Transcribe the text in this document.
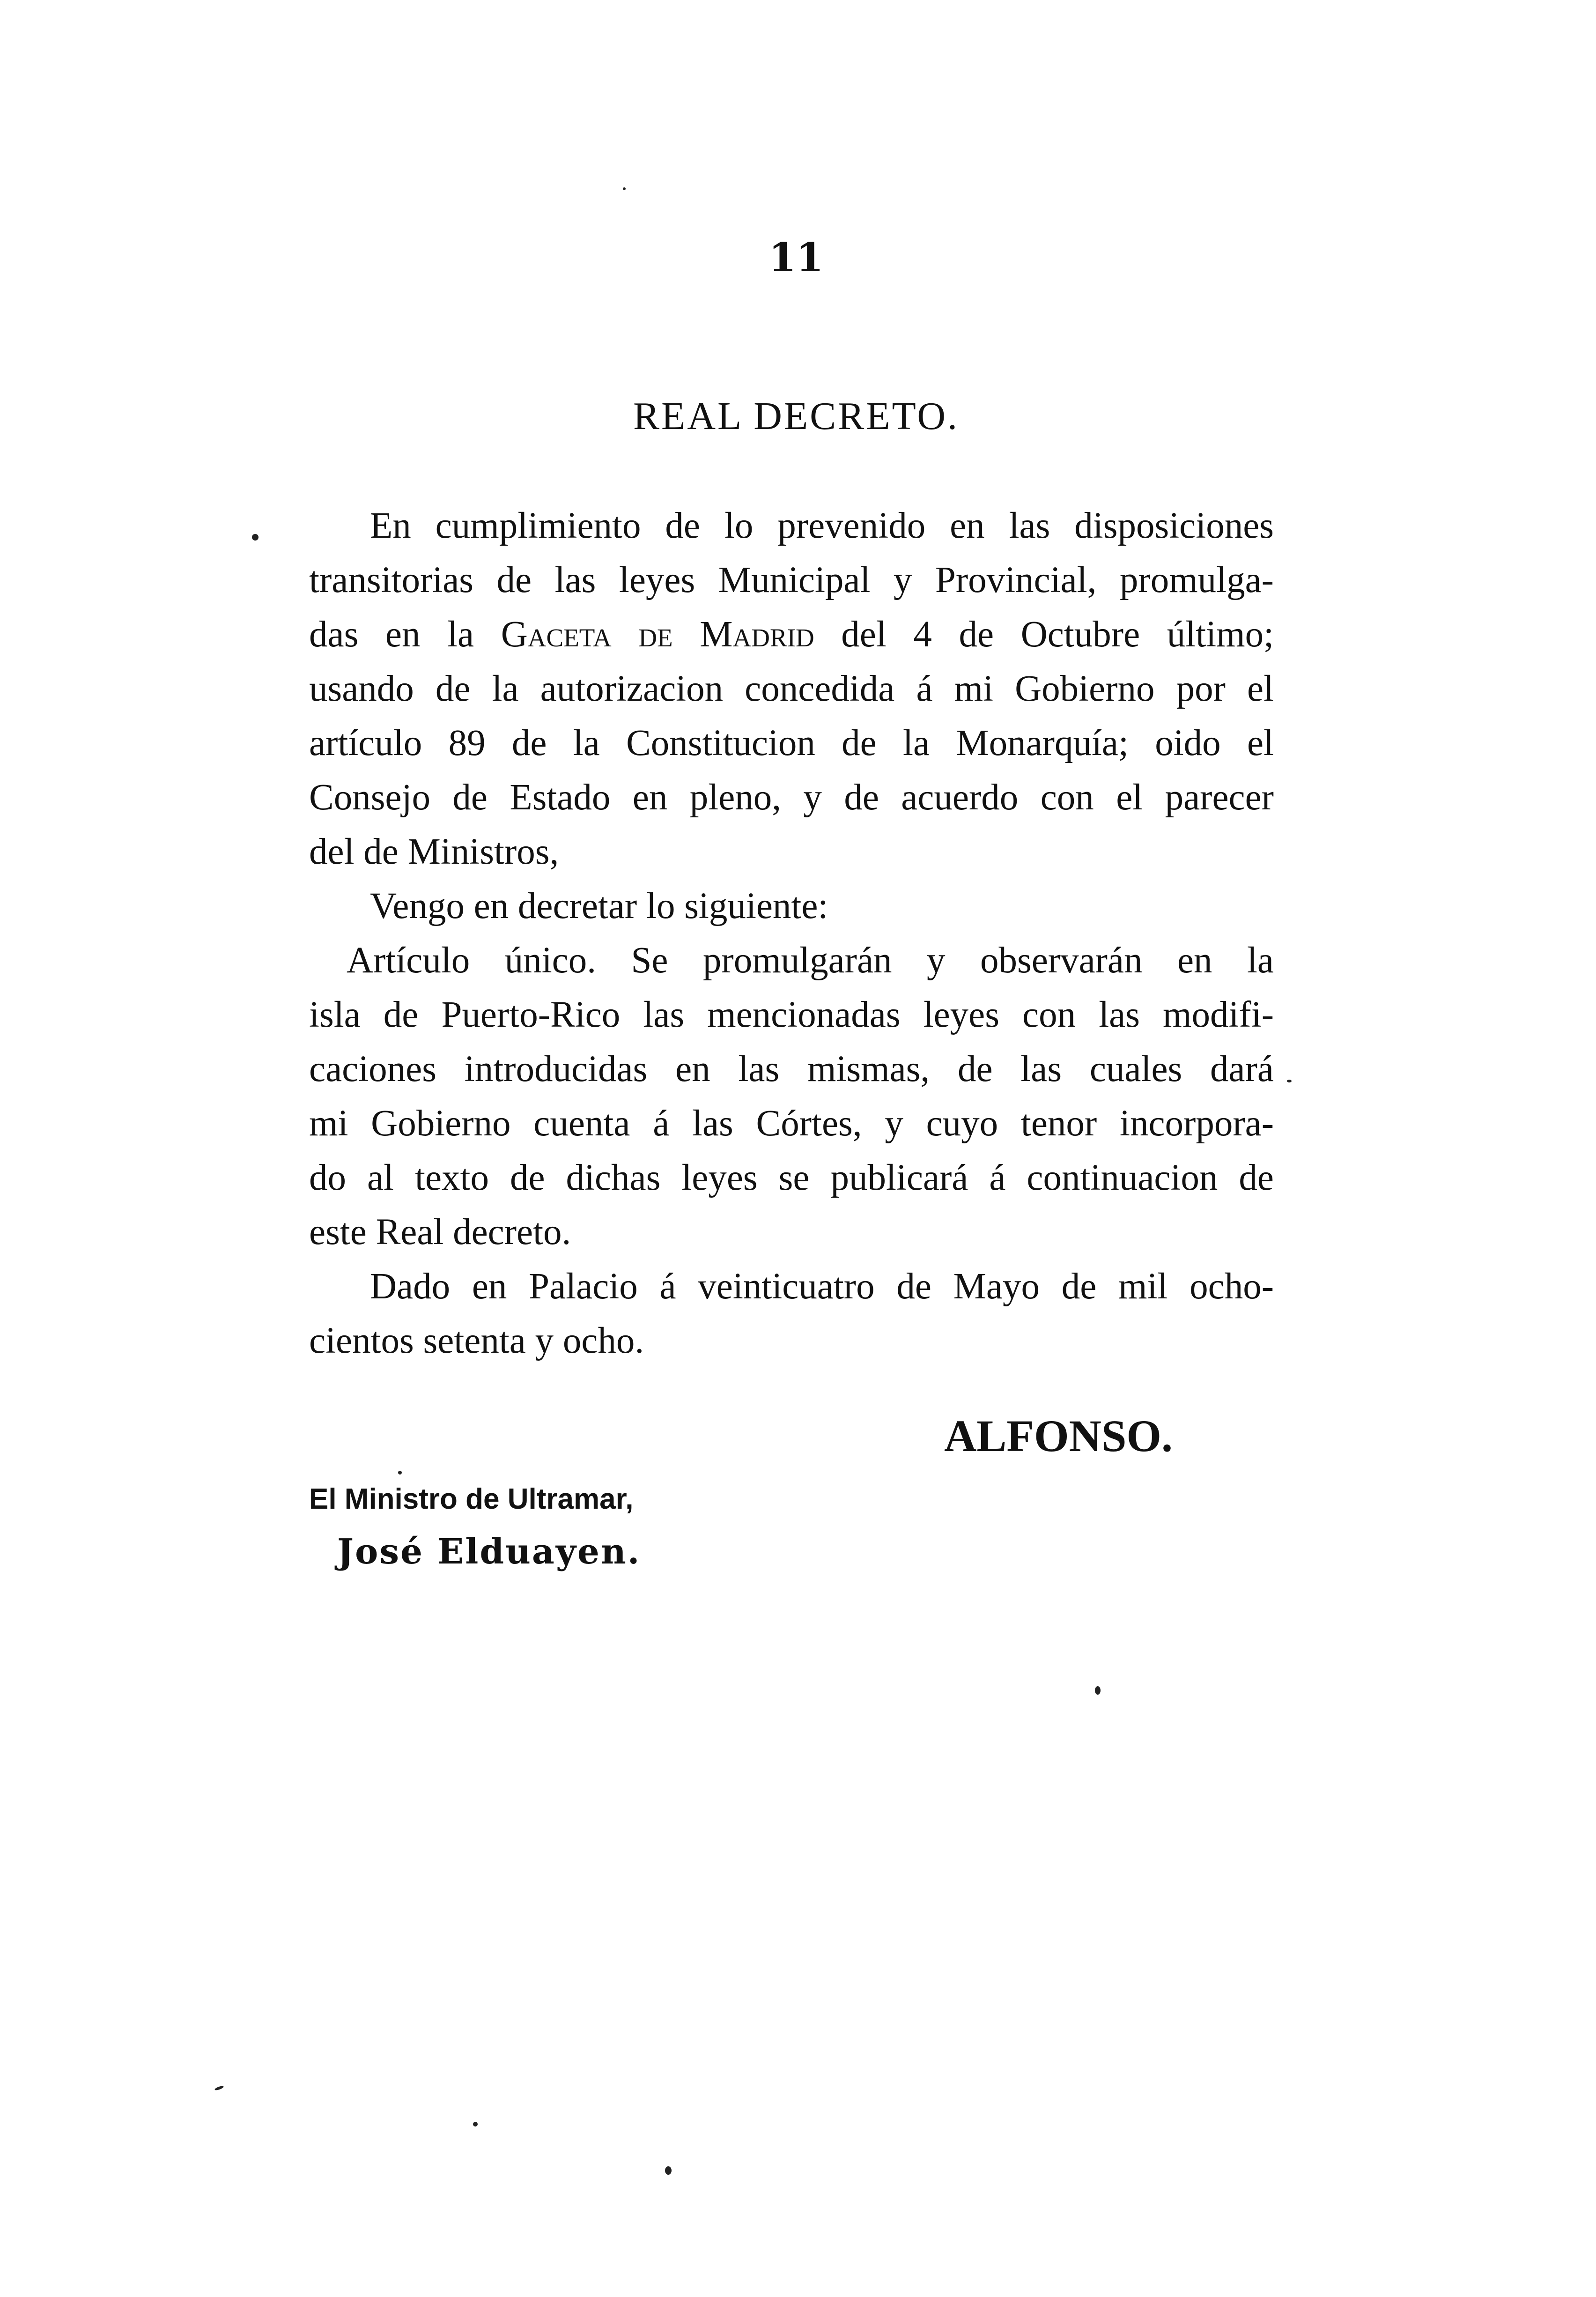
11
REAL DECRETO.
En cumplimiento de lo prevenido en las disposiciones
transitorias de las leyes Municipal y Provincial, promulga-
das en la Gaceta de Madrid del 4 de Octubre último;
usando de la autorizacion concedida á mi Gobierno por el
artículo 89 de la Constitucion de la Monarquía; oido el
Consejo de Estado en pleno, y de acuerdo con el parecer
del de Ministros,
Vengo en decretar lo siguiente:
Artículo único. Se promulgarán y observarán en la
isla de Puerto-Rico las mencionadas leyes con las modifi-
caciones introducidas en las mismas, de las cuales dará
mi Gobierno cuenta á las Córtes, y cuyo tenor incorpora-
do al texto de dichas leyes se publicará á continuacion de
este Real decreto.
Dado en Palacio á veinticuatro de Mayo de mil ocho-
cientos setenta y ocho.
ALFONSO.
El Ministro de Ultramar,
José Elduayen.
